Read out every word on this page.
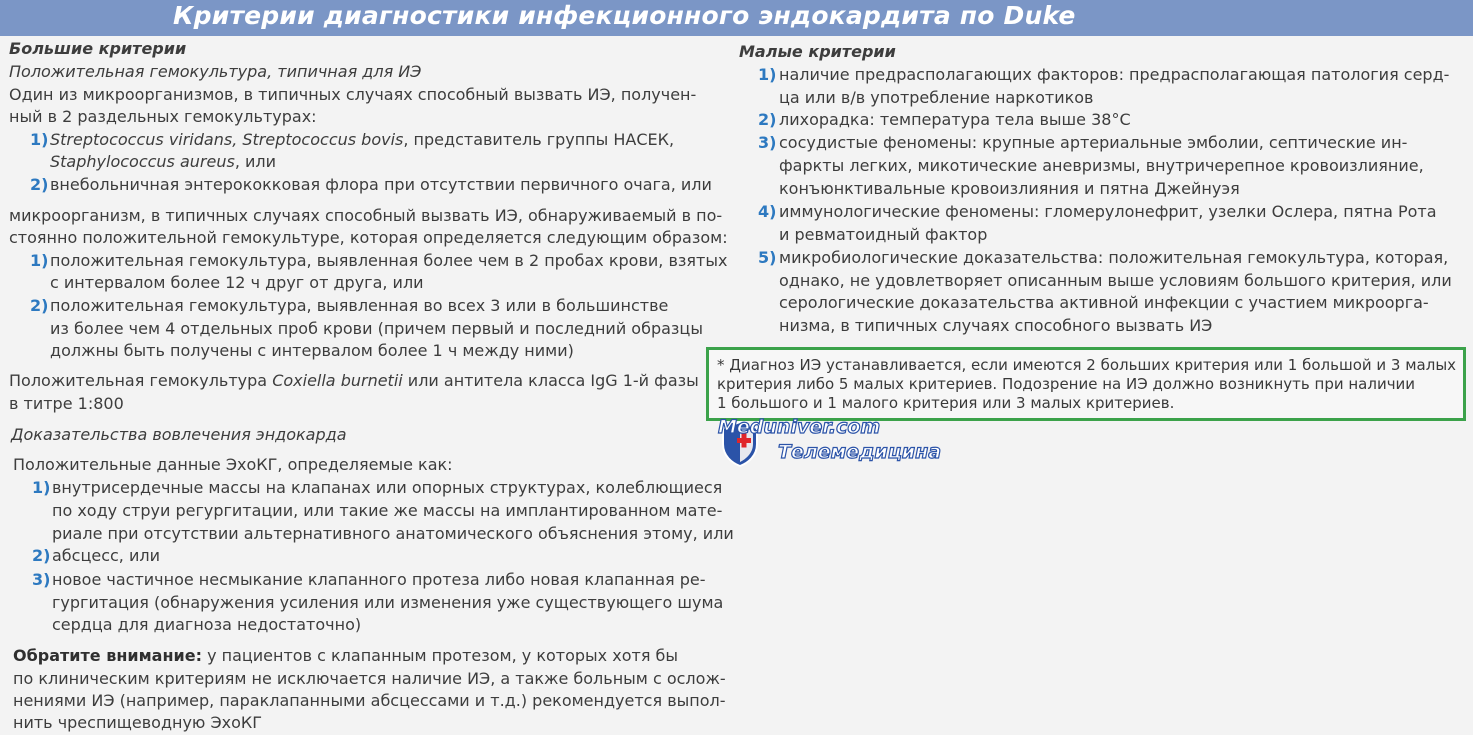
Критерии диагностики инфекционного эндокардита по Duke
Большие критерии
Положительная гемокультура, типичная для ИЭ
Один из микроорганизмов, в типичных случаях способный вызвать ИЭ, получен-
ный в 2 раздельных гемокультурах:
1) Streptococcus viridans, Streptococcus bovis, представитель группы НАСЕК,
Staphylococcus aureus, или
2) внебольничная энтерококковая флора при отсутствии первичного очага, или
микроорганизм, в типичных случаях способный вызвать ИЭ, обнаруживаемый в по-
стоянно положительной гемокультуре, которая определяется следующим образом:
1) положительная гемокультура, выявленная более чем в 2 пробах крови, взятых
с интервалом более 12 ч друг от друга, или
2) положительная гемокультура, выявленная во всех 3 или в большинстве
из более чем 4 отдельных проб крови (причем первый и последний образцы
должны быть получены с интервалом более 1 ч между ними)
Положительная гемокультура Coxiella burnetii или антитела класса IgG 1-й фазы
в титре 1:800
Доказательства вовлечения эндокарда
Положительные данные ЭхоКГ, определяемые как:
1) внутрисердечные массы на клапанах или опорных структурах, колеблющиеся
по ходу струи регургитации, или такие же массы на имплантированном мате-
риале при отсутствии альтернативного анатомического объяснения этому, или
2) абсцесс, или
3) новое частичное несмыкание клапанного протеза либо новая клапанная ре-
гургитация (обнаружения усиления или изменения уже существующего шума
сердца для диагноза недостаточно)
Обратите внимание: у пациентов с клапанным протезом, у которых хотя бы
по клиническим критериям не исключается наличие ИЭ, а также больным с ослож-
нениями ИЭ (например, параклапанными абсцессами и т.д.) рекомендуется выпол-
нить чреспищеводную ЭхоКГ
Малые критерии
1) наличие предрасполагающих факторов: предрасполагающая патология серд-
ца или в/в употребление наркотиков
2) лихорадка: температура тела выше 38°C
3) сосудистые феномены: крупные артериальные эмболии, септические ин-
фаркты легких, микотические аневризмы, внутричерепное кровоизлияние,
конъюнктивальные кровоизлияния и пятна Джейнуэя
4) иммунологические феномены: гломерулонефрит, узелки Ослера, пятна Рота
и ревматоидный фактор
5) микробиологические доказательства: положительная гемокультура, которая,
однако, не удовлетворяет описанным выше условиям большого критерия, или
серологические доказательства активной инфекции с участием микроорга-
низма, в типичных случаях способного вызвать ИЭ
* Диагноз ИЭ устанавливается, если имеются 2 больших критерия или 1 большой и 3 малых
критерия либо 5 малых критериев. Подозрение на ИЭ должно возникнуть при наличии
1 большого и 1 малого критерия или 3 малых критериев.
Meduniver.com
Телемедицина
